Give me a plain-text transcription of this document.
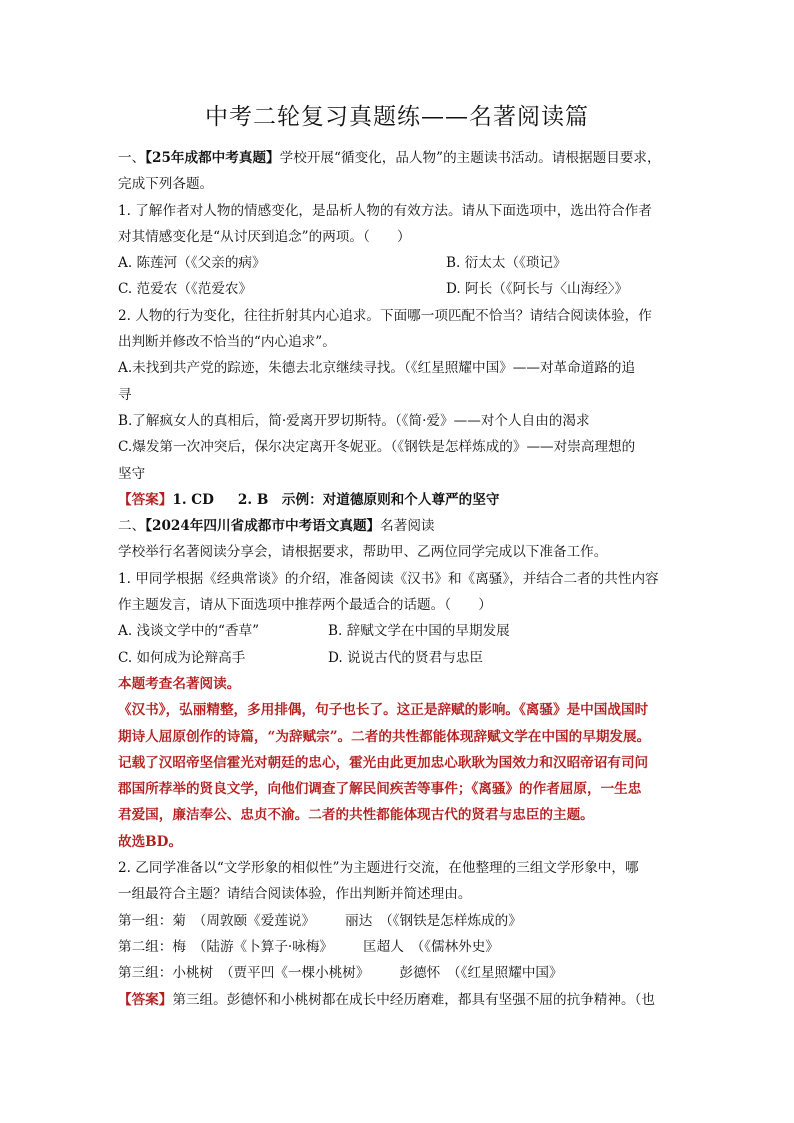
中考二轮复习真题练——名著阅读篇

一、【25年成都中考真题】学校开展“循变化，品人物”的主题读书活动。请根据题目要求，

完成下列各题。

1. 了解作者对人物的情感变化，是品析人物的有效方法。请从下面选项中，选出符合作者

对其情感变化是“从讨厌到追念”的两项。（　　）

A. 陈莲河（《父亲的病》	B. 衍太太（《琐记》
C. 范爱农（《范爱农》	D. 阿长（《阿长与〈山海经〉》

2. 人物的行为变化，往往折射其内心追求。下面哪一项匹配不恰当？请结合阅读体验，作

出判断并修改不恰当的“内心追求”。

A.未找到共产党的踪迹，朱德去北京继续寻找。（《红星照耀中国》——对革命道路的追

寻

B.了解疯女人的真相后，简·爱离开罗切斯特。（《简·爱》——对个人自由的渴求

C.爆发第一次冲突后，保尔决定离开冬妮亚。（《钢铁是怎样炼成的》——对崇高理想的

坚守

【答案】1. CD 2. B　示例：对道德原则和个人尊严的坚守

二、【2024年四川省成都市中考语文真题】名著阅读

学校举行名著阅读分享会，请根据要求，帮助甲、乙两位同学完成以下准备工作。

1. 甲同学根据《经典常谈》的介绍，准备阅读《汉书》和《离骚》，并结合二者的共性内容

作主题发言，请从下面选项中推荐两个最适合的话题。（　　）

A. 浅谈文学中的“香草”	B. 辞赋文学在中国的早期发展
C. 如何成为论辩高手	D. 说说古代的贤君与忠臣

本题考查名著阅读。

《汉书》，弘丽精整，多用排偶，句子也长了。这正是辞赋的影响。《离骚》是中国战国时

期诗人屈原创作的诗篇，“为辞赋宗”。二者的共性都能体现辞赋文学在中国的早期发展。

记载了汉昭帝坚信霍光对朝廷的忠心，霍光由此更加忠心耿耿为国效力和汉昭帝诏有司问

郡国所荐举的贤良文学，向他们调查了解民间疾苦等事件；《离骚》的作者屈原，一生忠

君爱国，廉洁奉公、忠贞不渝。二者的共性都能体现古代的贤君与忠臣的主题。

故选BD。

2. 乙同学准备以“文学形象的相似性”为主题进行交流，在他整理的三组文学形象中，哪

一组最符合主题？请结合阅读体验，作出判断并简述理由。

第一组：菊　（周敦颐《爱莲说》 丽达　（《钢铁是怎样炼成的》

第二组：梅　（陆游《卜算子·咏梅》 匡超人　（《儒林外史》

第三组：小桃树　（贾平凹《一棵小桃树》 彭德怀　（《红星照耀中国》

【答案】第三组。彭德怀和小桃树都在成长中经历磨难，都具有坚强不屈的抗争精神。（也
